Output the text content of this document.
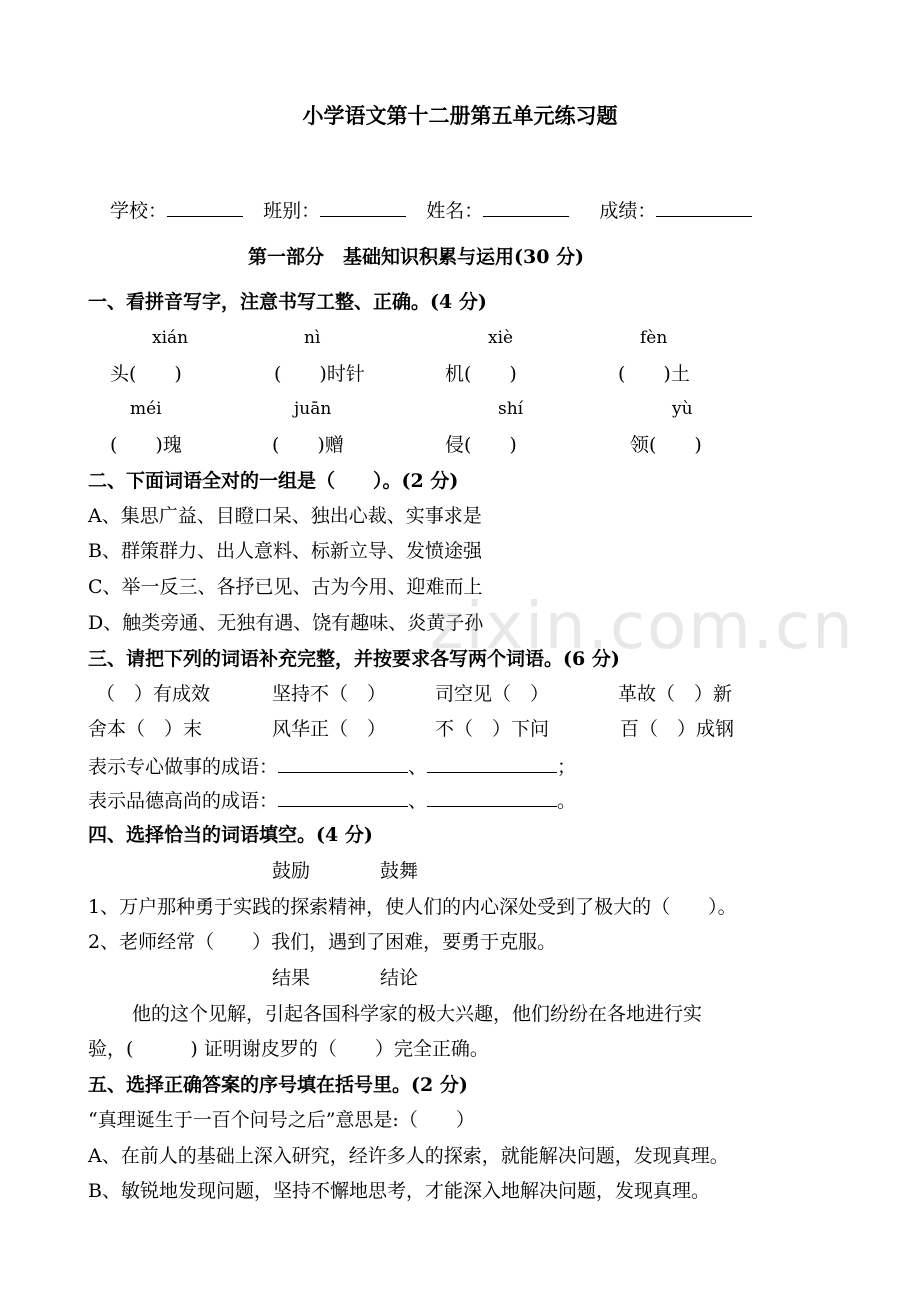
小学语文第十二册第五单元练习题
学校：	班别：	姓名：	成绩：
第一部分　基础知识积累与运用(30 分)
一、看拼音写字，注意书写工整、正确。(4 分)
xián	nì	xiè	fèn
头(　　)	(　　)时针	机(　　)	(　　)土
méi	juān	shí	yù
(　　)瑰	(　　)赠	侵(　　)	领(　　)
二、下面词语全对的一组是（　　）。(2 分)
A、集思广益、目瞪口呆、独出心裁、实事求是
B、群策群力、出人意料、标新立导、发愤途强
C、举一反三、各抒已见、古为今用、迎难而上
D、触类旁通、无独有遇、饶有趣味、炎黄子孙
三、请把下列的词语补充完整，并按要求各写两个词语。(6 分)
（　）有成效	坚持不（　）	司空见（　）	革故（　）新
舍本（　）末	风华正（　）	不（　）下问	百（　）成钢
表示专心做事的成语：	、	；
表示品德高尚的成语：	、	。
四、选择恰当的词语填空。(4 分)
鼓励	鼓舞
1、万户那种勇于实践的探索精神，使人们的内心深处受到了极大的（　　）。
2、老师经常（　　）我们，遇到了困难，要勇于克服。
结果	结论
他的这个见解，引起各国科学家的极大兴趣，他们纷纷在各地进行实
验，(　　　) 证明谢皮罗的（　　）完全正确。
五、选择正确答案的序号填在括号里。(2 分)
“真理诞生于一百个问号之后”意思是:（　　）
A、在前人的基础上深入研究，经许多人的探索，就能解决问题，发现真理。
B、敏锐地发现问题，坚持不懈地思考，才能深入地解决问题，发现真理。
zixin.com.cn
